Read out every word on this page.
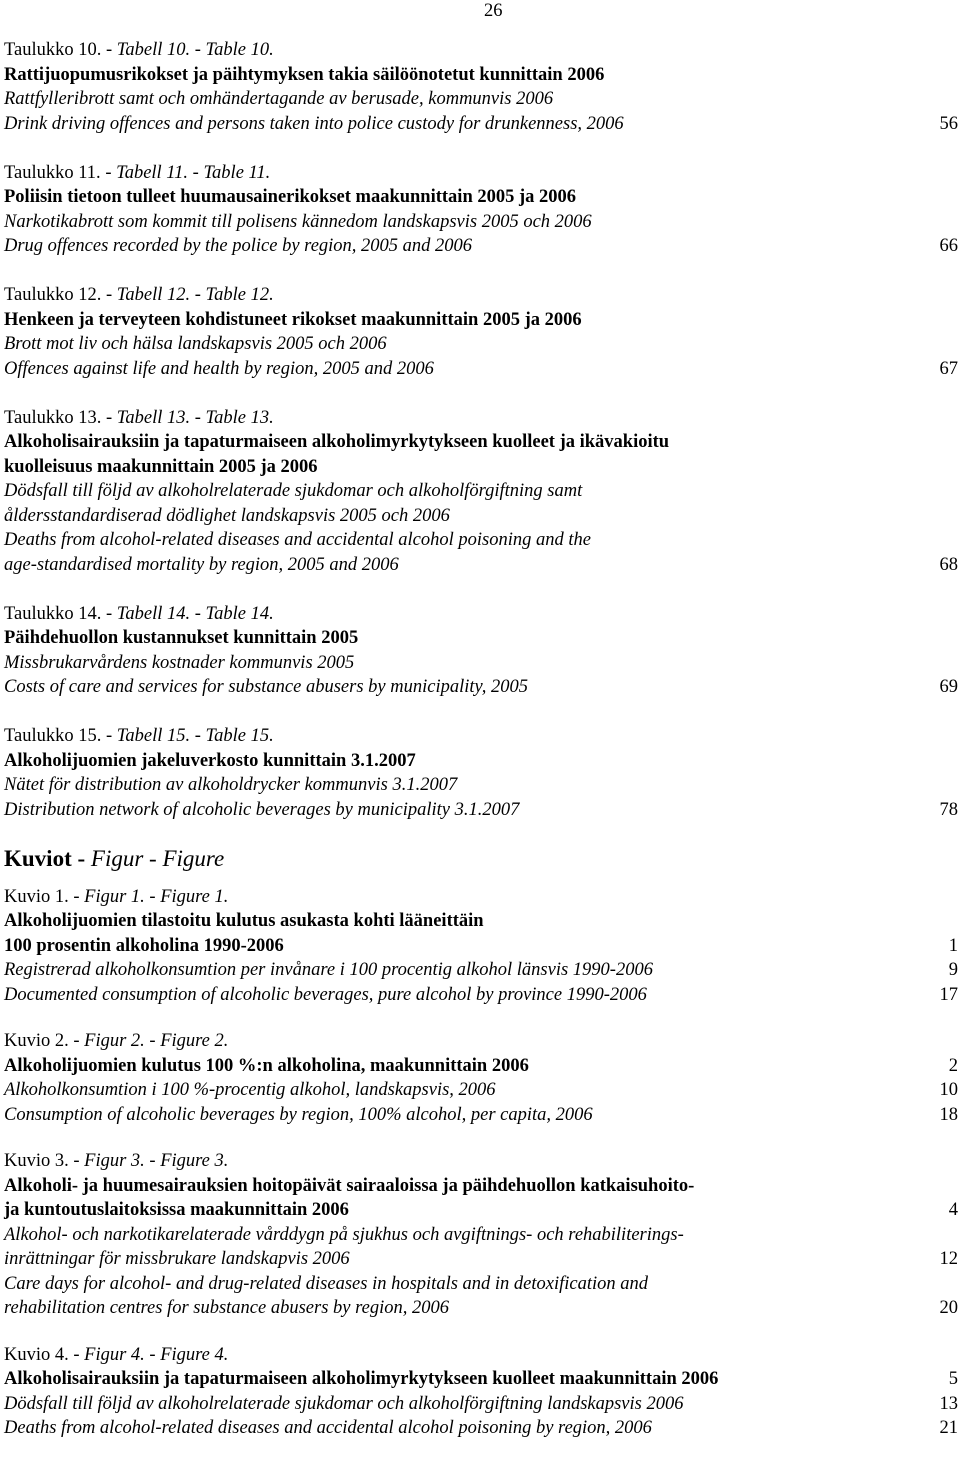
26
Taulukko 10. - Tabell 10. - Table 10.
Rattijuopumusrikokset ja päihtymyksen takia säilöönotetut kunnittain 2006
Rattfylleribrott samt och omhändertagande av berusade, kommunvis 2006
Drink driving offences and persons taken into police custody for drunkenness, 2006	56
Taulukko 11. - Tabell 11. - Table 11.
Poliisin tietoon tulleet huumausainerikokset maakunnittain 2005 ja 2006
Narkotikabrott som kommit till polisens kännedom landskapsvis 2005 och 2006
Drug offences recorded by the police by region, 2005 and 2006	66
Taulukko 12. - Tabell 12. - Table 12.
Henkeen ja terveyteen kohdistuneet rikokset maakunnittain 2005 ja 2006
Brott mot liv och hälsa landskapsvis 2005 och 2006
Offences against life and health by region, 2005 and 2006	67
Taulukko 13. - Tabell 13. - Table 13.
Alkoholisairauksiin ja tapaturmaiseen alkoholimyrkytykseen kuolleet ja ikävakioitu
kuolleisuus maakunnittain 2005 ja 2006
Dödsfall till följd av alkoholrelaterade sjukdomar och alkoholförgiftning samt
åldersstandardiserad dödlighet landskapsvis 2005 och 2006
Deaths from alcohol-related diseases and accidental alcohol poisoning and the
age-standardised mortality by region, 2005 and 2006	68
Taulukko 14. - Tabell 14. - Table 14.
Päihdehuollon kustannukset kunnittain 2005
Missbrukarvårdens kostnader kommunvis 2005
Costs of care and services for substance abusers by municipality, 2005	69
Taulukko 15. - Tabell 15. - Table 15.
Alkoholijuomien jakeluverkosto kunnittain 3.1.2007
Nätet för distribution av alkoholdrycker kommunvis 3.1.2007
Distribution network of alcoholic beverages by municipality 3.1.2007	78
Kuviot - Figur - Figure
Kuvio 1. - Figur 1. - Figure 1.
Alkoholijuomien tilastoitu kulutus asukasta kohti lääneittäin
100 prosentin alkoholina 1990-2006	1
Registrerad alkoholkonsumtion per invånare i 100 procentig alkohol länsvis 1990-2006	9
Documented consumption of alcoholic beverages, pure alcohol by province 1990-2006	17
Kuvio 2. - Figur 2. - Figure 2.
Alkoholijuomien kulutus 100 %:n alkoholina, maakunnittain 2006	2
Alkoholkonsumtion i 100 %-procentig alkohol, landskapsvis, 2006	10
Consumption of alcoholic beverages by region, 100% alcohol, per capita, 2006	18
Kuvio 3. - Figur 3. - Figure 3.
Alkoholi- ja huumesairauksien hoitopäivät sairaaloissa ja päihdehuollon katkaisuhoito-
ja kuntoutuslaitoksissa maakunnittain 2006	4
Alkohol- och narkotikarelaterade vårddygn på sjukhus och avgiftnings- och rehabiliterings-
inrättningar för missbrukare landskapvis 2006	12
Care days for alcohol- and drug-related diseases in hospitals and in detoxification and
rehabilitation centres for substance abusers by region, 2006	20
Kuvio 4. - Figur 4. - Figure 4.
Alkoholisairauksiin ja tapaturmaiseen alkoholimyrkytykseen kuolleet maakunnittain 2006	5
Dödsfall till följd av alkoholrelaterade sjukdomar och alkoholförgiftning landskapsvis 2006	13
Deaths from alcohol-related diseases and accidental alcohol poisoning by region, 2006	21
